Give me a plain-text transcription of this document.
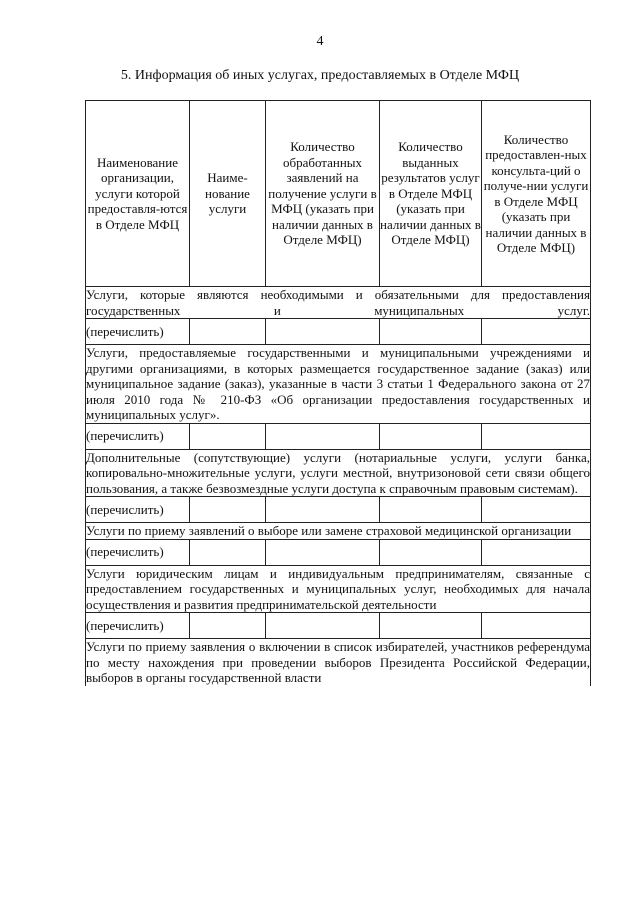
4
5. Информация об иных услугах, предоставляемых в Отделе МФЦ
Наименование организации, услуги которой предоставля-ются в Отделе МФЦ	Наиме-нование услуги	Количество обработанных заявлений на получение услуги в МФЦ (указать при наличии данных в Отделе МФЦ)	Количество выданных результатов услуг в Отделе МФЦ (указать при наличии данных в Отделе МФЦ)	Количество предоставлен-ных консульта-ций о получе-нии услуги в Отделе МФЦ (указать при наличии данных в Отделе МФЦ)
Услуги, которые являются необходимыми и обязательными для предоставления государственных и муниципальных услуг.				
(перечислить)				
Услуги, предоставляемые государственными и муниципальными учреждениями и другими организациями, в которых размещается государственное задание (заказ) или муниципальное задание (заказ), указанные в части 3 статьи 1 Федерального закона от 27 июля 2010 года № 210-ФЗ «Об организации предоставления государственных и муниципальных услуг».				
(перечислить)				
Дополнительные (сопутствующие) услуги (нотариальные услуги, услуги банка, копировально-множительные услуги, услуги местной, внутризоновой сети связи общего пользования, а также безвозмездные услуги доступа к справочным правовым системам).				
(перечислить)				
Услуги по приему заявлений о выборе или замене страховой медицинской организации				
(перечислить)				
Услуги юридическим лицам и индивидуальным предпринимателям, связанные с предоставлением государственных и муниципальных услуг, необходимых для начала осуществления и развития предпринимательской деятельности				
(перечислить)				
Услуги по приему заявления о включении в список избирателей, участников референдума по месту нахождения при проведении выборов Президента Российской Федерации, выборов в органы государственной власти				
